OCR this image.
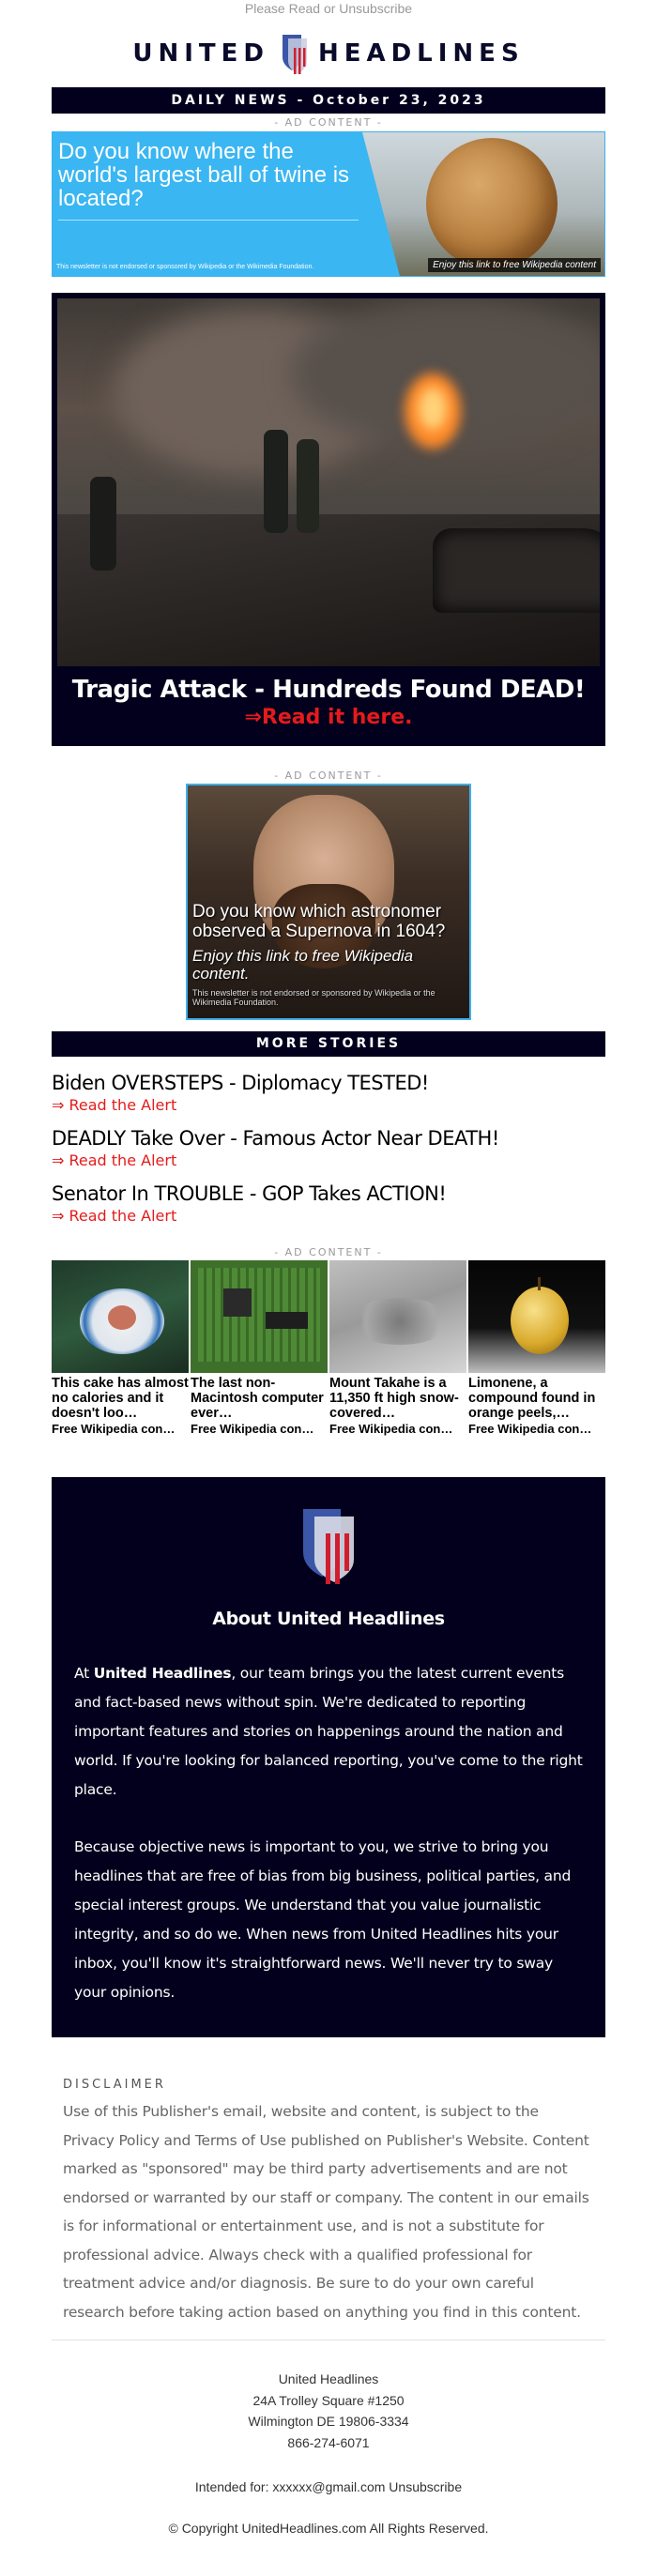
Please Read or Unsubscribe
UNITED HEADLINES
DAILY NEWS - October 23, 2023
- AD CONTENT -
Do you know where the world's largest ball of twine is located?
This newsletter is not endorsed or sponsored by Wikipedia or the Wikimedia Foundation.	Enjoy this link to free Wikipedia content
Tragic Attack - Hundreds Found DEAD!
⇒Read it here.
- AD CONTENT -
Do you know which astronomer observed a Supernova in 1604?
Enjoy this link to free Wikipedia content.
This newsletter is not endorsed or sponsored by Wikipedia or the Wikimedia Foundation.
MORE STORIES
Biden OVERSTEPS - Diplomacy TESTED!
⇒ Read the Alert
DEADLY Take Over - Famous Actor Near DEATH!
⇒ Read the Alert
Senator In TROUBLE - GOP Takes ACTION!
⇒ Read the Alert
- AD CONTENT -
This cake has almost no calories and it doesn't loo…
Free Wikipedia con…
The last non-Macintosh computer ever…
Free Wikipedia con…
Mount Takahe is a 11,350 ft high snow-covered…
Free Wikipedia con…
Limonene, a compound found in orange peels,…
Free Wikipedia con…
About United Headlines

At United Headlines, our team brings you the latest current events and fact-based news without spin. We're dedicated to reporting important features and stories on happenings around the nation and world. If you're looking for balanced reporting, you've come to the right place.

Because objective news is important to you, we strive to bring you headlines that are free of bias from big business, political parties, and special interest groups. We understand that you value journalistic integrity, and so do we. When news from United Headlines hits your inbox, you'll know it's straightforward news. We'll never try to sway your opinions.

DISCLAIMER
Use of this Publisher's email, website and content, is subject to the Privacy Policy and Terms of Use published on Publisher's Website. Content marked as "sponsored" may be third party advertisements and are not endorsed or warranted by our staff or company. The content in our emails is for informational or entertainment use, and is not a substitute for professional advice. Always check with a qualified professional for treatment advice and/or diagnosis. Be sure to do your own careful research before taking action based on anything you find in this content.
United Headlines
24A Trolley Square #1250
Wilmington DE 19806-3334
866-274-6071
Intended for: xxxxxx@gmail.com Unsubscribe
© Copyright UnitedHeadlines.com All Rights Reserved.
